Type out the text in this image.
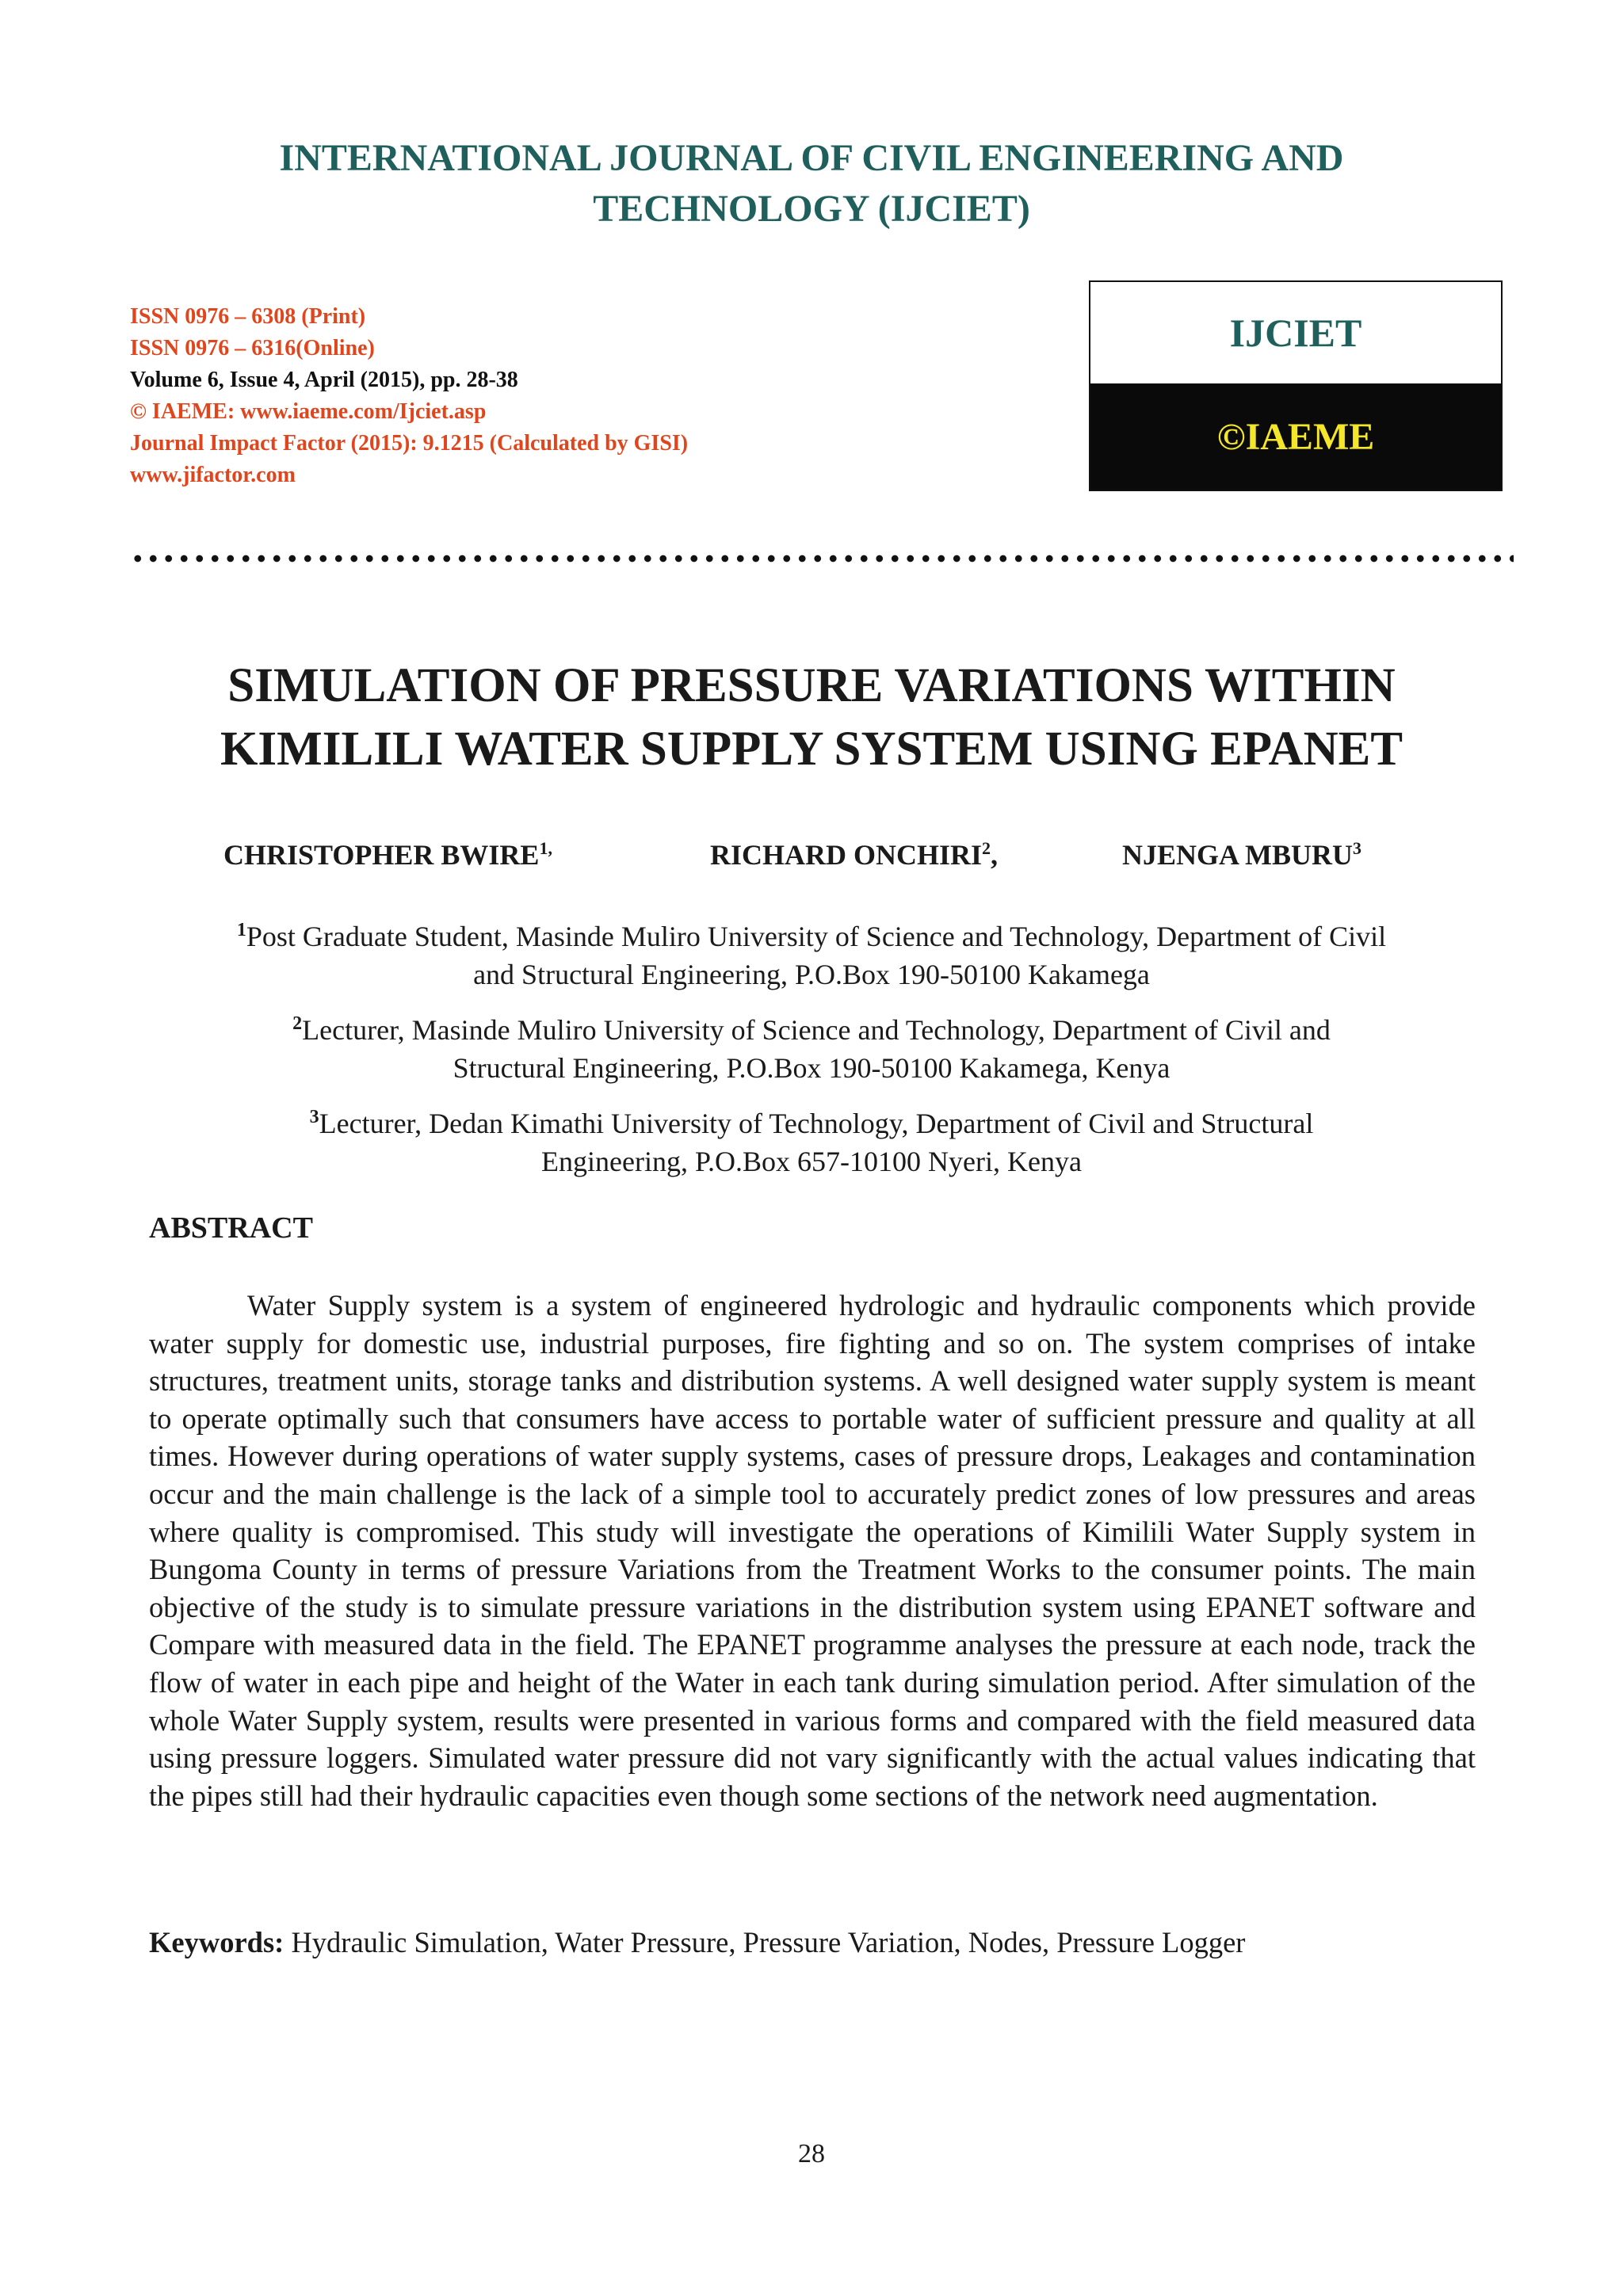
INTERNATIONAL JOURNAL OF CIVIL ENGINEERING AND
TECHNOLOGY (IJCIET)
ISSN 0976 – 6308 (Print)
ISSN 0976 – 6316(Online)
Volume 6, Issue 4, April (2015), pp. 28-38
© IAEME: www.iaeme.com/Ijciet.asp
Journal Impact Factor (2015): 9.1215 (Calculated by GISI)
www.jifactor.com
IJCIET
©IAEME
SIMULATION OF PRESSURE VARIATIONS WITHIN
KIMILILI WATER SUPPLY SYSTEM USING EPANET
CHRISTOPHER $BWIRE^{1,}$	RICHARD ONCHIRI$^2$,	NJENGA MBURU$^3$
$^1$Post Graduate Student, Masinde Muliro University of Science and Technology, Department of Civil
and Structural Engineering, P.O.Box 190-50100 Kakamega
$^2$Lecturer, Masinde Muliro University of Science and Technology, Department of Civil and
Structural Engineering, P.O.Box 190-50100 Kakamega, Kenya
$^3$Lecturer, Dedan Kimathi University of Technology, Department of Civil and Structural
Engineering, P.O.Box 657-10100 Nyeri, Kenya
ABSTRACT
Water Supply system is a system of engineered hydrologic and hydraulic components which provide water supply for domestic use, industrial purposes, fire fighting and so on. The system comprises of intake structures, treatment units, storage tanks and distribution systems. A well designed water supply system is meant to operate optimally such that consumers have access to portable water of sufficient pressure and quality at all times. However during operations of water supply systems, cases of pressure drops, Leakages and contamination occur and the main challenge is the lack of a simple tool to accurately predict zones of low pressures and areas where quality is compromised. This study will investigate the operations of Kimilili Water Supply system in Bungoma County in terms of pressure Variations from the Treatment Works to the consumer points. The main objective of the study is to simulate pressure variations in the distribution system using EPANET software and Compare with measured data in the field. The EPANET programme analyses the pressure at each node, track the flow of water in each pipe and height of the Water in each tank during simulation period. After simulation of the whole Water Supply system, results were presented in various forms and compared with the field measured data using pressure loggers. Simulated water pressure did not vary significantly with the actual values indicating that the pipes still had their hydraulic capacities even though some sections of the network need augmentation.
Keywords: Hydraulic Simulation, Water Pressure, Pressure Variation, Nodes, Pressure Logger
28
